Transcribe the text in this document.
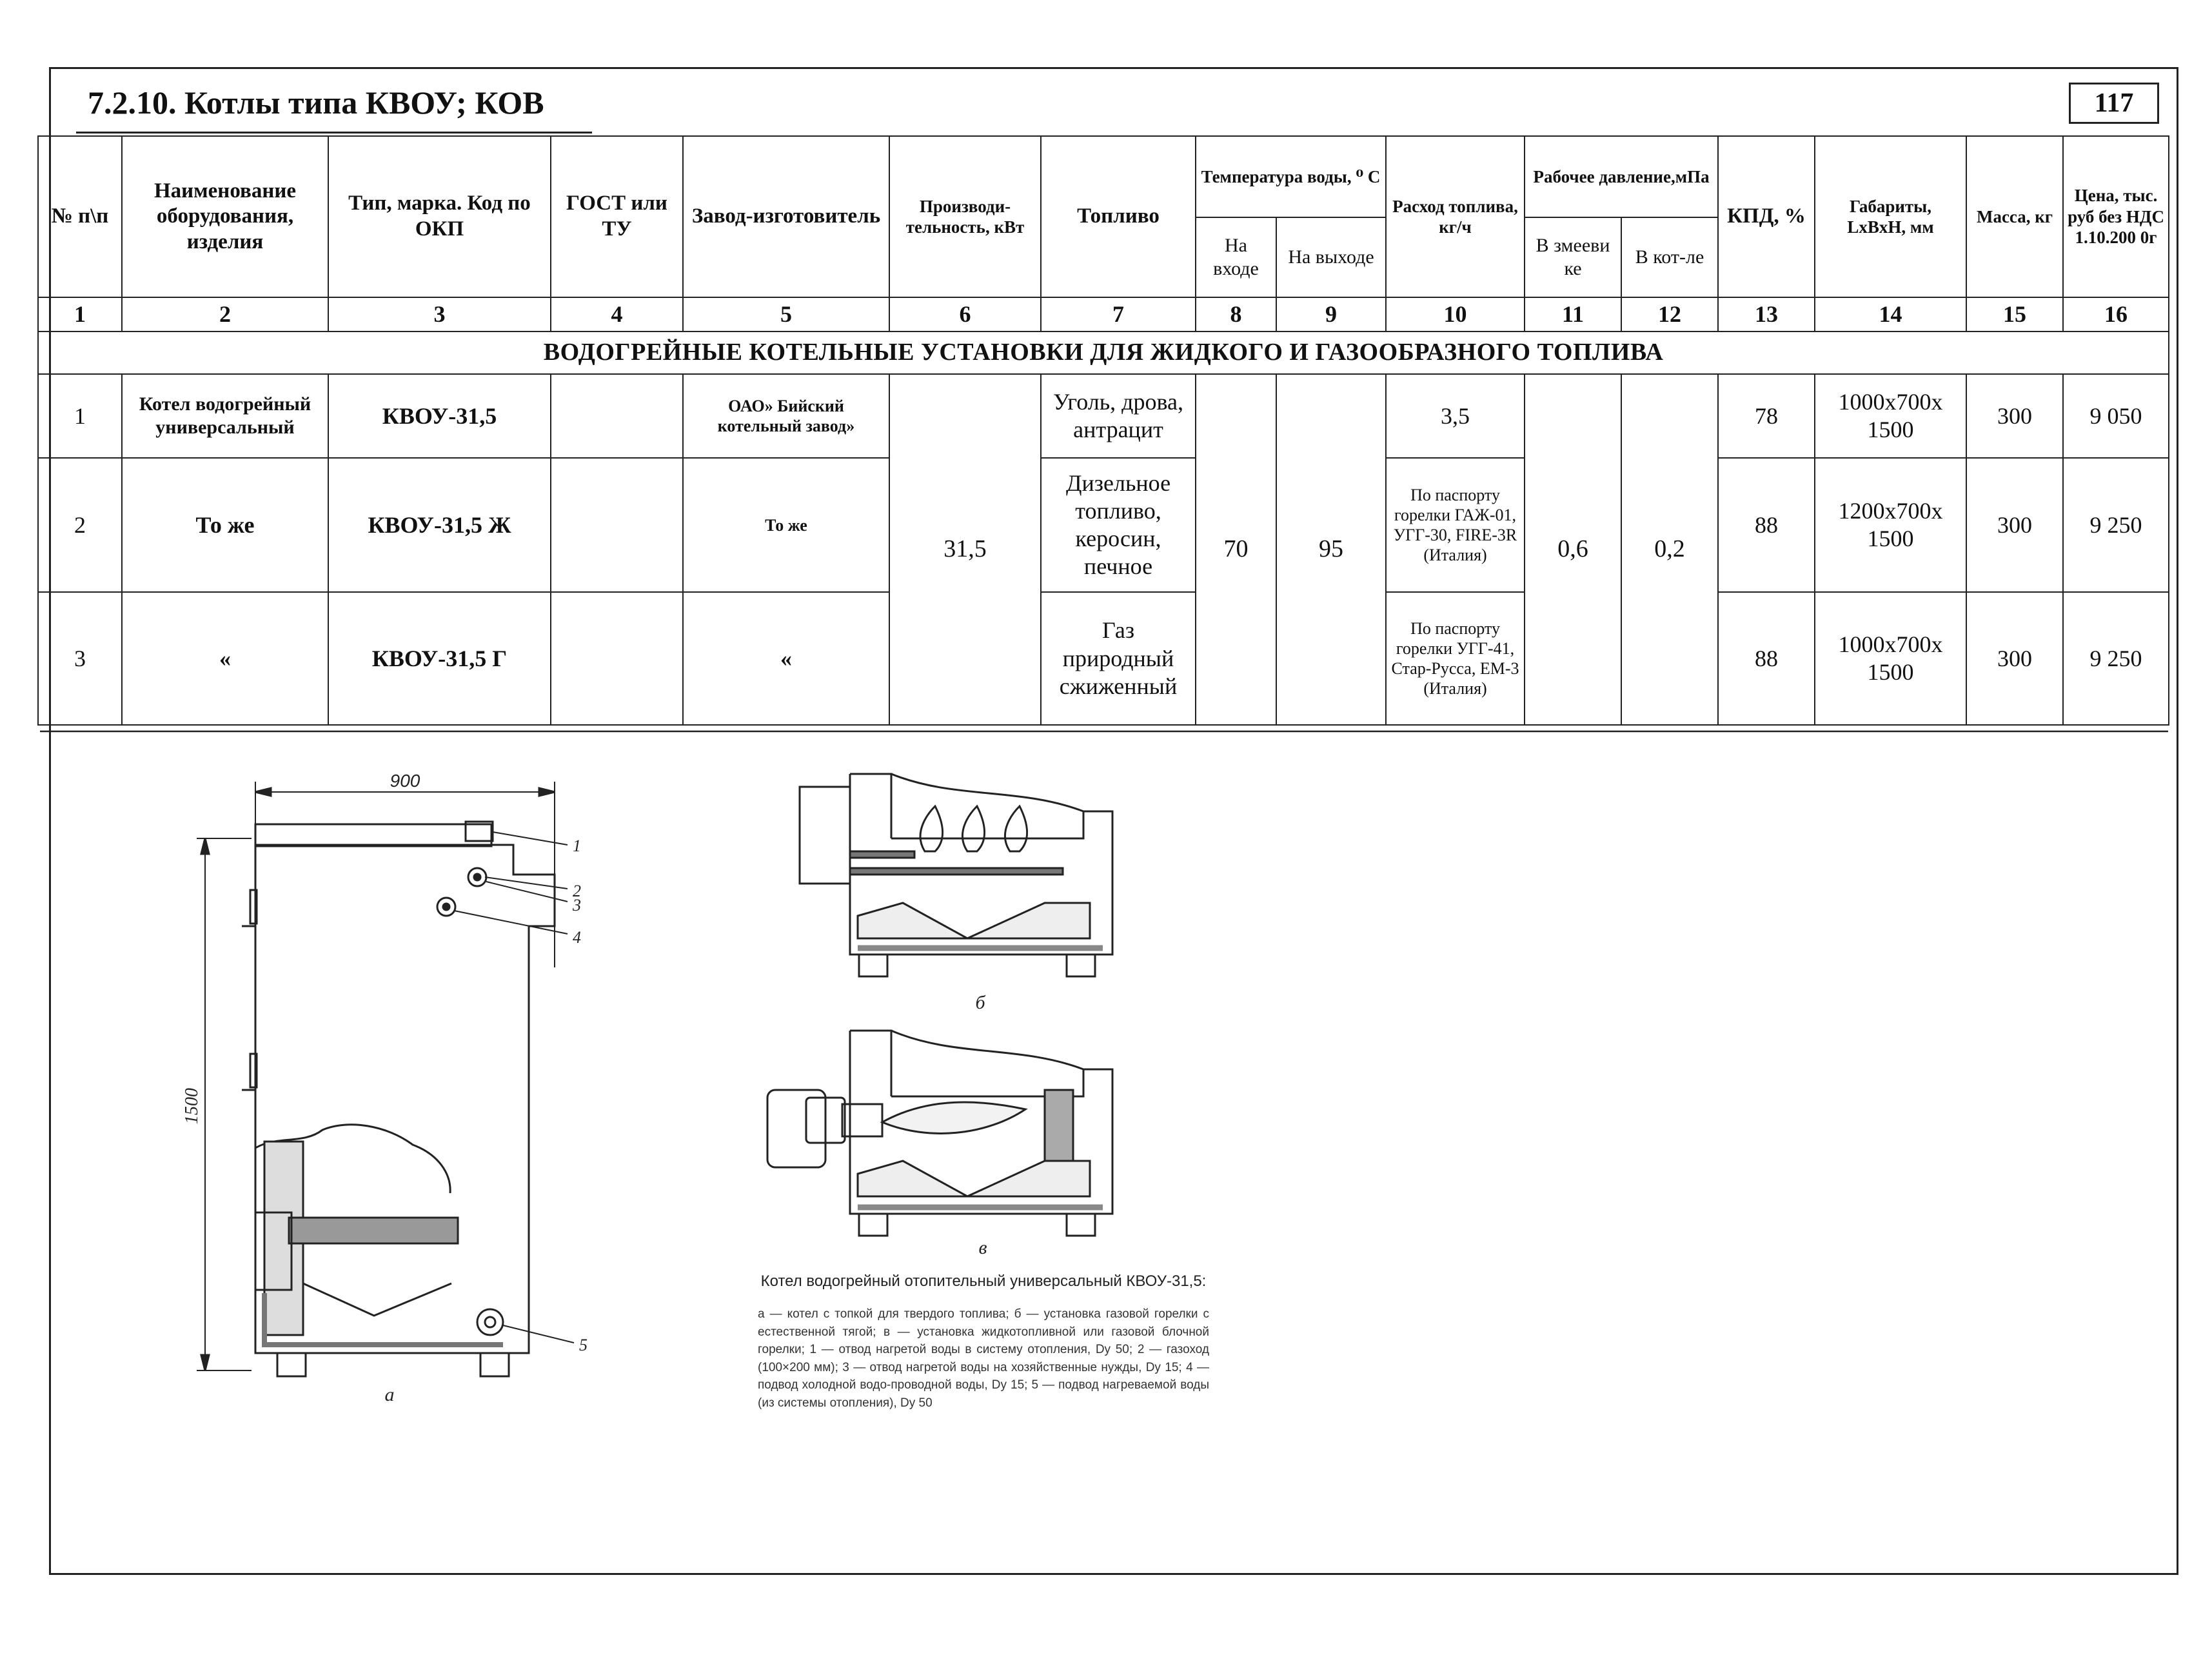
7.2.10. Котлы типа КВОУ; КОВ	117
№ п\п	Наименование оборудования, изделия	Тип, марка. Код по ОКП	ГОСТ или ТУ	Завод-изготовитель	Производи-тельность, кВт	Топливо	Температура воды, ⁰ С		Расход топлива, кг/ч	Рабочее давление,мПа		КПД, %	Габариты, LxBxH, мм	Масса, кг	Цена, тыс. руб без НДС 1.10.200 0г
							На входе	На выходе		В змееви ке	В кот-ле				
1	2	3	4	5	6	7	8	9	10	11	12	13	14	15	16
ВОДОГРЕЙНЫЕ КОТЕЛЬНЫЕ УСТАНОВКИ ДЛЯ ЖИДКОГО И ГАЗООБРАЗНОГО ТОПЛИВА															
1	Котел водогрейный универсальный	КВОУ-31,5		ОАО» Бийский котельный завод»	31,5	Уголь, дрова, антрацит	70	95	3,5	0,6	0,2	78	1000x700x 1500	300	9 050
2	То же	КВОУ-31,5 Ж		То же		Дизельное топливо, керосин, печное			По паспорту горелки ГАЖ-01, УГГ-30, FIRE-3R (Италия)			88	1200x700x 1500	300	9 250
3	«	КВОУ-31,5 Г		«		Газ природный сжиженный			По паспорту горелки УГГ-41, Стар-Русса, ЕМ-3 (Италия)			88	1000x700x 1500	300	9 250
900
1500
1
2
3
4
5
а
б
в
Котел водогрейный отопительный универсальный КВОУ-31,5:
а — котел с топкой для твердого топлива; б — установка газовой горелки с естественной тягой; в — установка жидкотопливной или газовой блочной горелки; 1 — отвод нагретой воды в систему отопления, Dy 50; 2 — газоход (100×200 мм); 3 — отвод нагретой воды на хозяйственные нужды, Dy 15; 4 — подвод холодной водо-проводной воды, Dy 15; 5 — подвод нагреваемой воды (из системы отопления), Dy 50
